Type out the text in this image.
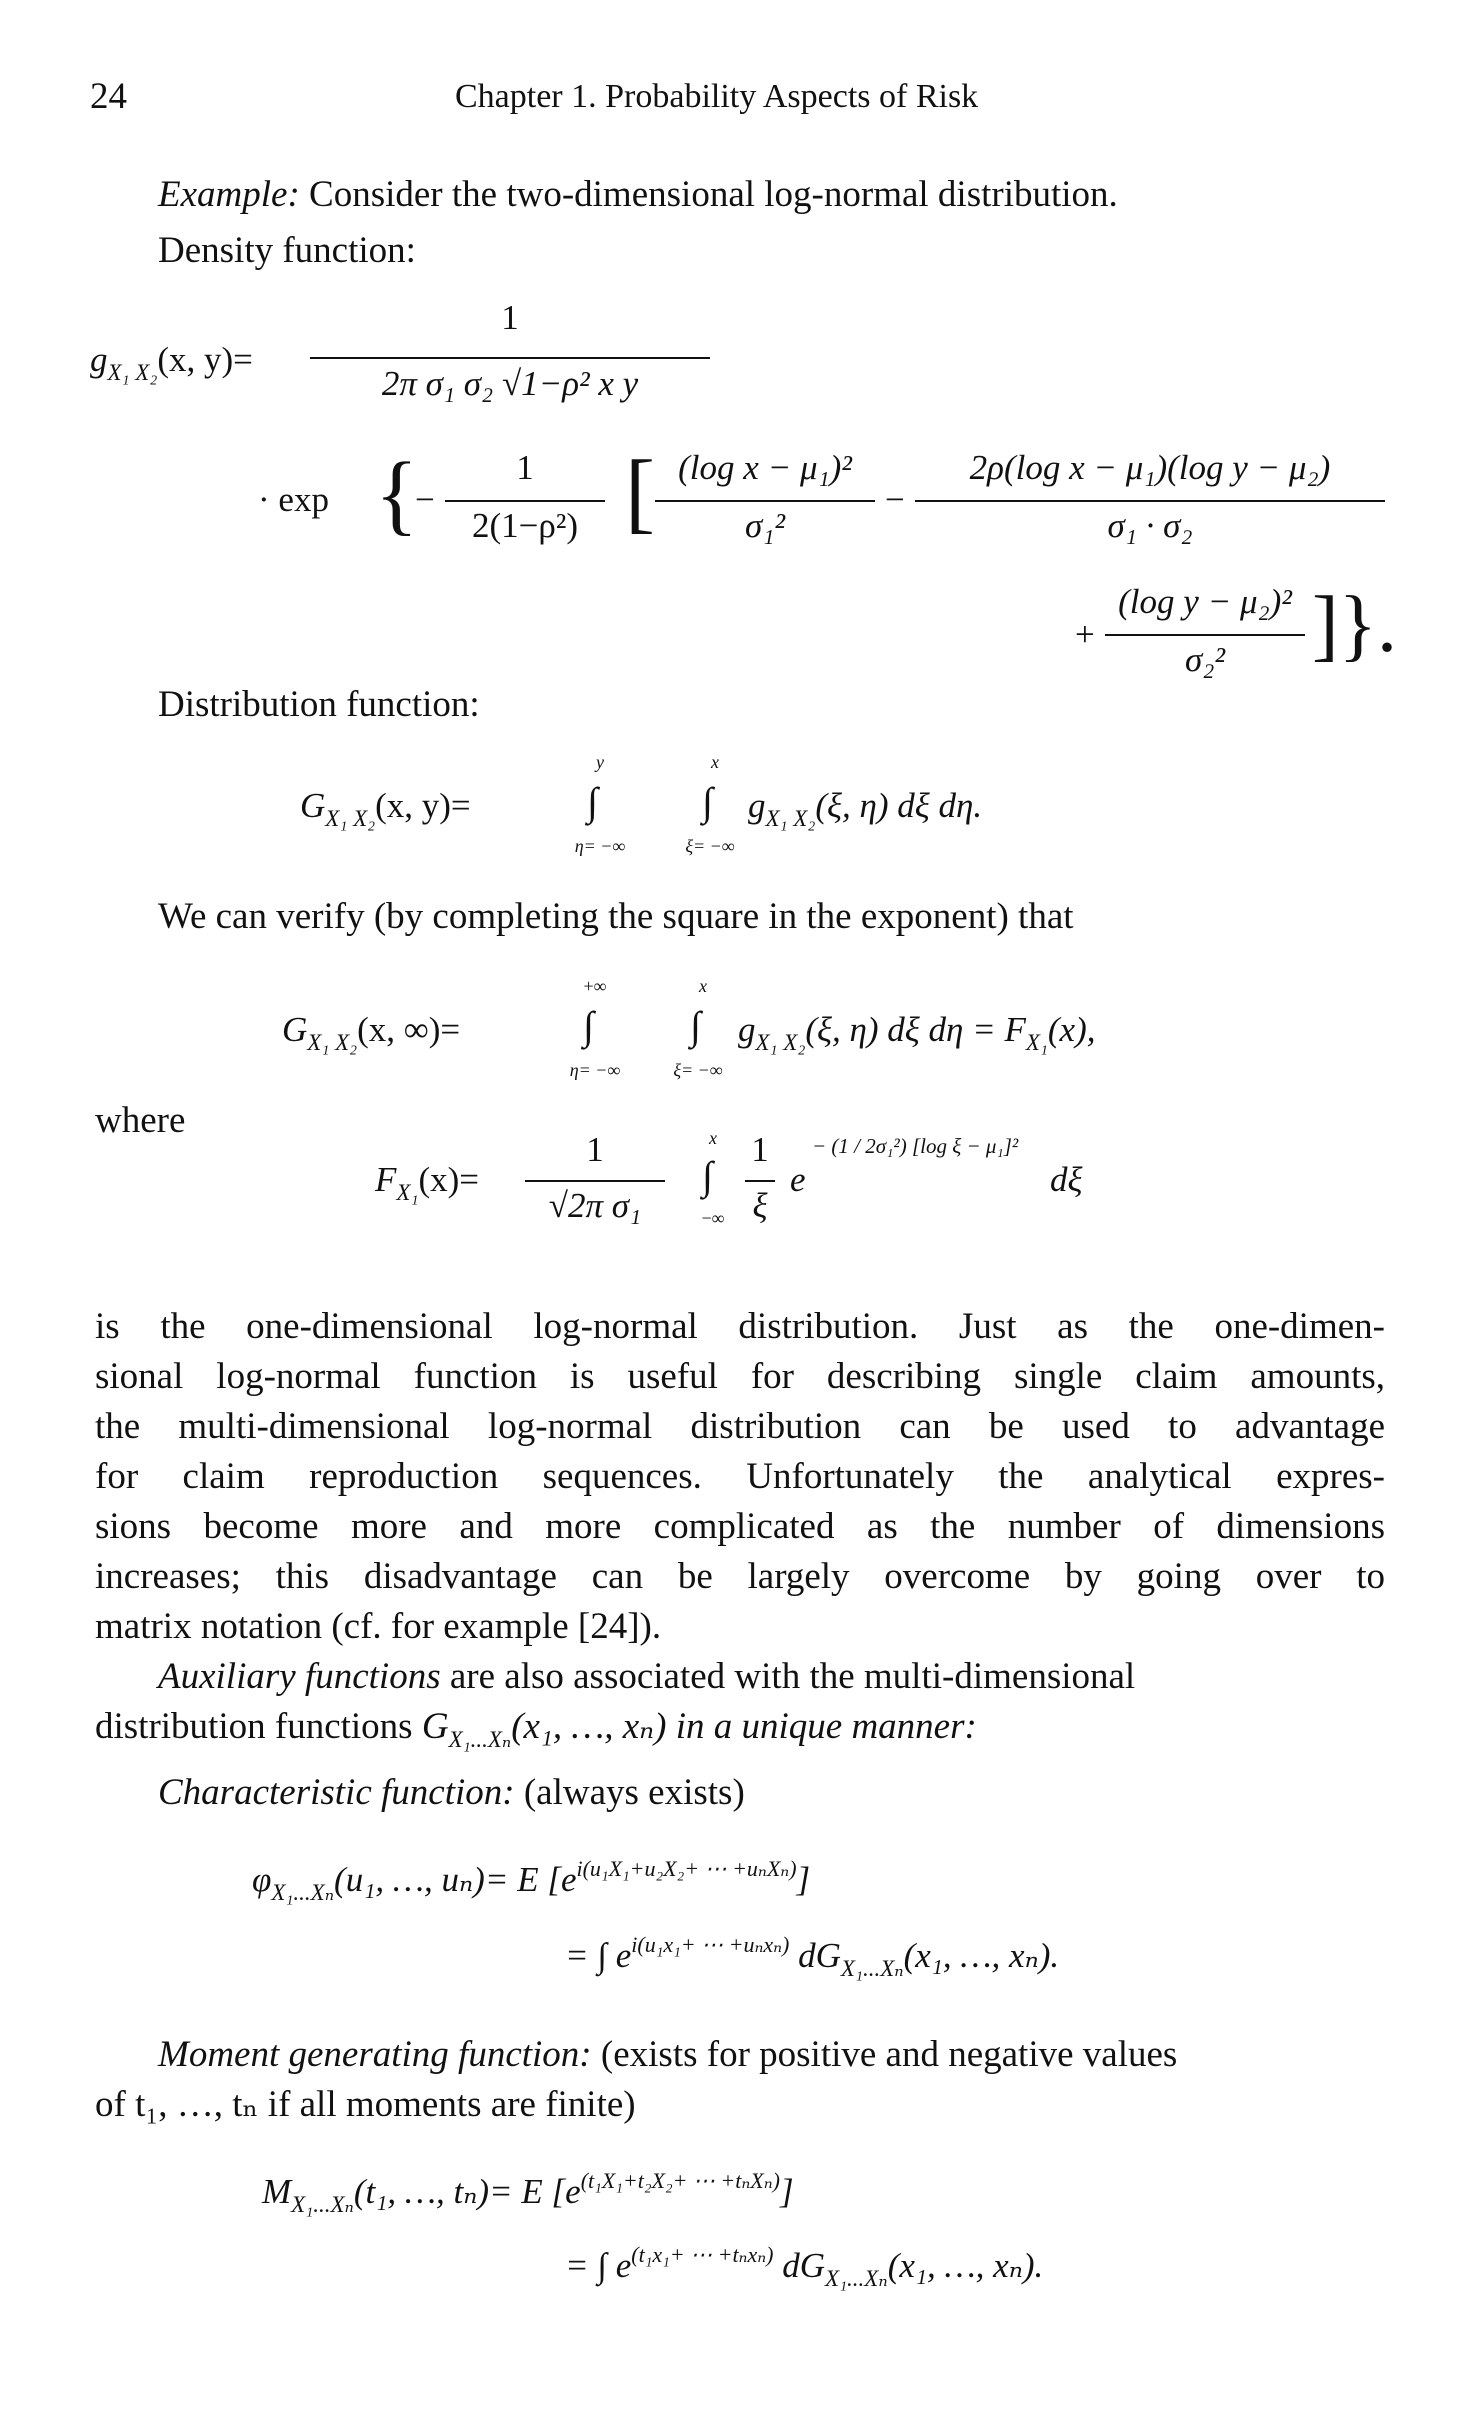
24	Chapter 1. Probability Aspects of Risk
Example: Consider the two-dimensional log-normal distribution.
Density function:
$g_{X_1 X_2}(x$, y)=
1
2π σ₁ σ₂ √1−ρ² x y
· exp {
−
1
2(1−ρ²) [ (log x − μ₁)²
σ₁²
−
2ρ(log x − μ₁)(log y − μ₂)
σ₁ · σ₂
+
(log y − μ₂)²
σ₂²	]}.
Distribution function:
$G_{X_1 X_2}(x$, y)=
y
∫
η= −∞
x
∫
ξ= −∞
$g_{X_1 X_2}(\xi$, η) dξ dη.
We can verify (by completing the square in the exponent) that
$G_{X_1 X_2}(x$, ∞)=
+∞
∫
η= −∞
x
∫
ξ= −∞
$g_{X_1 X_2}(\xi$, η) dξ $d\eta = F_{X_1}(x)$,
where
$F_{X_1}(x)=$
1
√2π σ₁
x
∫
−∞
1
ξ
e
− (1 / 2σ₁²) [log ξ − μ₁]²
dξ
is the one-dimensional log-normal distribution. Just as the one-dimen-
sional log-normal function is useful for describing single claim amounts,
the multi-dimensional log-normal distribution can be used to advantage
for claim reproduction sequences. Unfortunately the analytical expres-
sions become more and more complicated as the number of dimensions
increases; this disadvantage can be largely overcome by going over to
matrix notation (cf. for example [24]).
Auxiliary functions are also associated with the multi-dimensional
distribution functions $G_{X_1...X_n}(x_1$, …, xₙ) in a unique manner:
Characteristic function: (always exists)
$\varphi_{X_1...X_n}(u_1$, …, uₙ)= E $[e^{i(u_1X_1+u_2X_2+ \cdots +u_nX_n)}]$
= ∫ $e^{i(u_1x_1+ \cdots +u_nx_n)}$ $dG_{X_1...X_n}(x_1$, …, xₙ).
Moment generating function: (exists for positive and negative values
of t₁, …, tₙ if all moments are finite)
$M_{X_1...X_n}(t_1$, …, tₙ)= E $[e^{(t_1X_1+t_2X_2+ \cdots +t_nX_n)}]$
= ∫ $e^{(t_1x_1+ \cdots +t_nx_n)}$ $dG_{X_1...X_n}(x_1$, …, xₙ).
